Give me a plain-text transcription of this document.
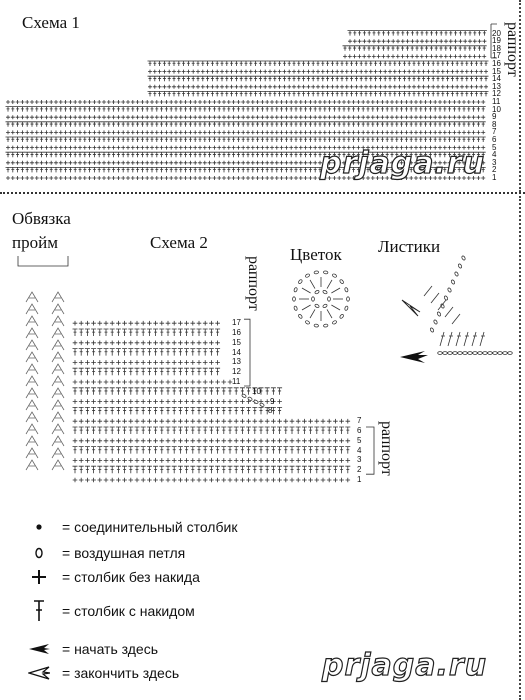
Схема 1	раппорт
1
2
3
4
5
6
7
8
9
10
11
12
13
14
15
16
17
18
19
20
prjaga.ru
Обвязка
пройм	Схема 2
Цветок Листики
раппорт
раппорт
1
2
3
4
5
6
7
8
9
10
11
12
13
14
15
16
17
= соединительный столбик
= воздушная петля
= столбик без накида
= столбик с накидом
= начать здесь
= закончить здесь	prjaga.ru
